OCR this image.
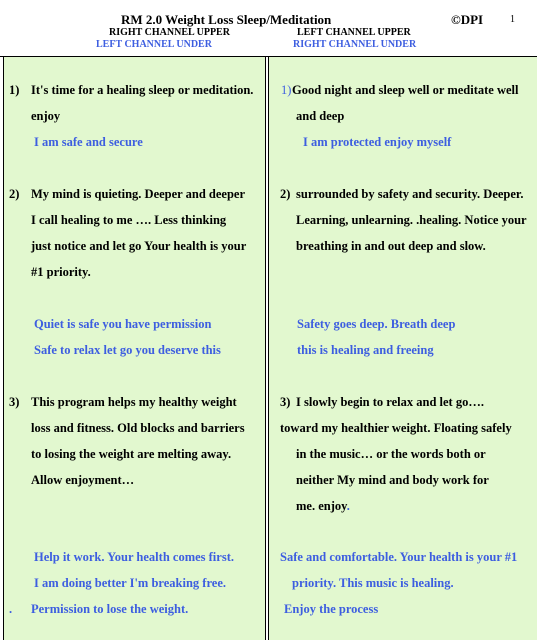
RM 2.0 Weight Loss Sleep/Meditation	©DPI	1
RIGHT CHANNEL UPPER
LEFT CHANNEL UNDER
LEFT CHANNEL UPPER
RIGHT CHANNEL UNDER
1) It's time for a healing sleep or meditation.
enjoy
I am safe and secure
2) My mind is quieting. Deeper and deeper
I call healing to me …. Less thinking
just notice and let go Your health is your
#1 priority.
Quiet is safe you have permission
Safe to relax let go you deserve this
3) This program helps my healthy weight
loss and fitness. Old blocks and barriers
to losing the weight are melting away.
Allow enjoyment…
Help it work. Your health comes first.
I am doing better I'm breaking free.
. Permission to lose the weight.
1) Good night and sleep well or meditate well
and deep
I am protected enjoy myself
2) surrounded by safety and security. Deeper.
Learning, unlearning. .healing. Notice your
breathing in and out deep and slow.
Safety goes deep. Breath deep
this is healing and freeing
3) I slowly begin to relax and let go….
toward my healthier weight. Floating safely
in the music… or the words both or
neither My mind and body work for
me. enjoy.
Safe and comfortable. Your health is your #1
priority. This music is healing.
Enjoy the process
